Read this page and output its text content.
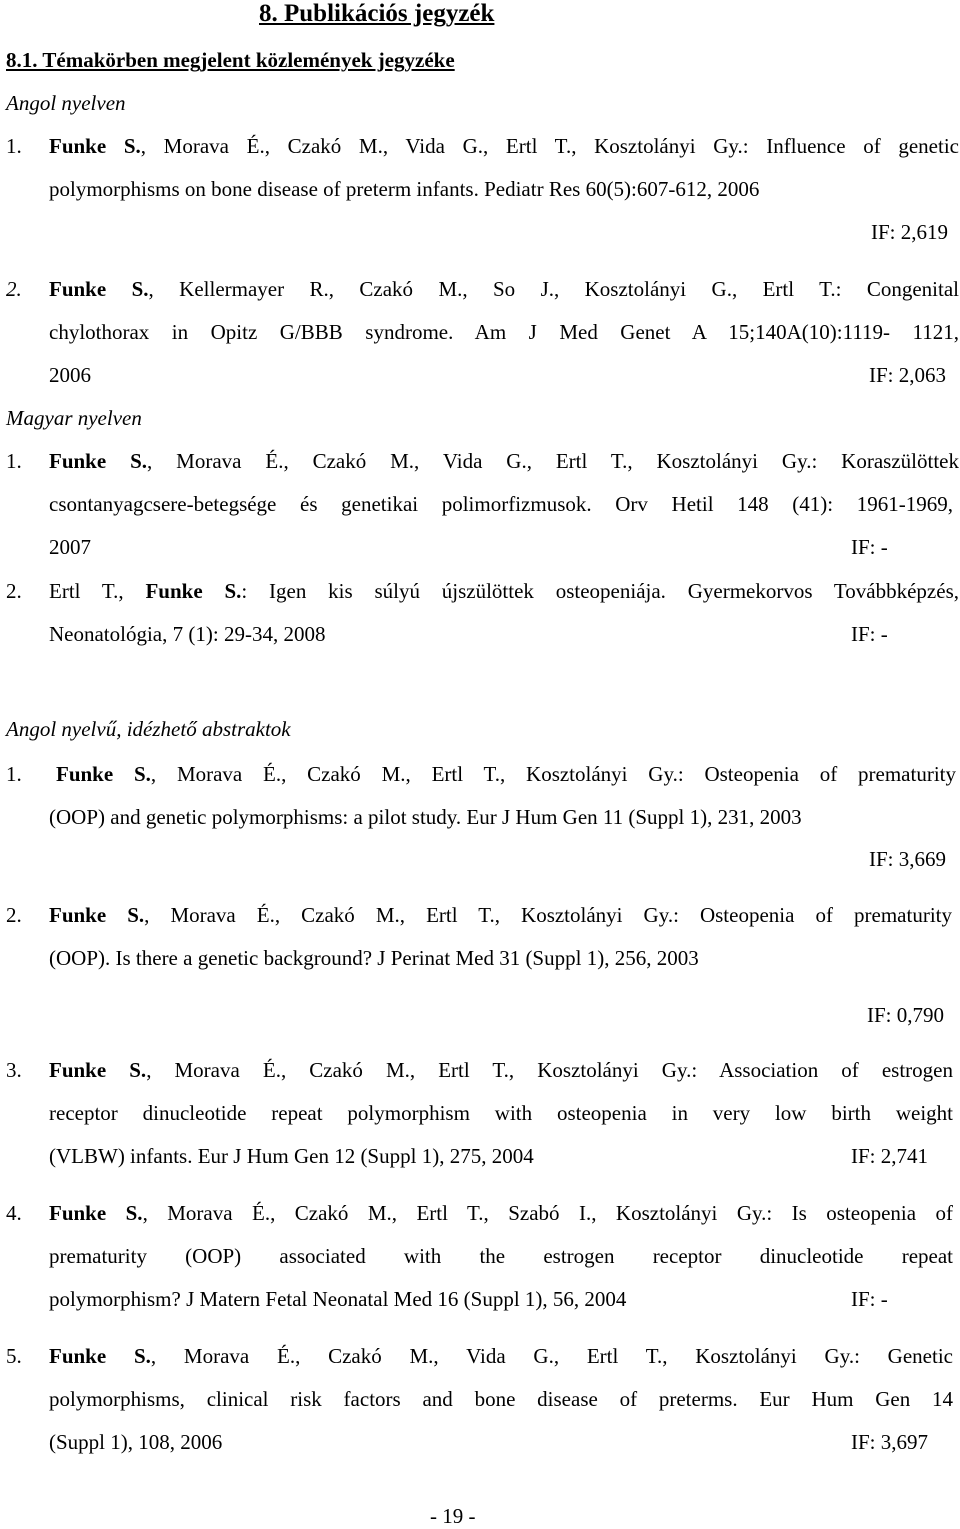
8. Publikációs jegyzék
8.1. Témakörben megjelent közlemények jegyzéke
Angol nyelven
1. Funke S., Morava É., Czakó M., Vida G., Ertl T., Kosztolányi Gy.: Influence of genetic
polymorphisms on bone disease of preterm infants. Pediatr Res 60(5):607-612, 2006
IF: 2,619
2. Funke S., Kellermayer R., Czakó M., So J., Kosztolányi G., Ertl T.: Congenital
chylothorax in Opitz G/BBB syndrome. Am J Med Genet A 15;140A(10):1119- 1121,
2006	IF: 2,063
Magyar nyelven
1. Funke S., Morava É., Czakó M., Vida G., Ertl T., Kosztolányi Gy.: Koraszülöttek
csontanyagcsere-betegsége és genetikai polimorfizmusok. Orv Hetil 148 (41): 1961-1969,
2007	IF: -
2. Ertl T., Funke S.: Igen kis súlyú újszülöttek osteopeniája. Gyermekorvos Továbbképzés,
Neonatológia, 7 (1): 29-34, 2008	IF: -
Angol nyelvű, idézhető abstraktok
1. Funke S., Morava É., Czakó M., Ertl T., Kosztolányi Gy.: Osteopenia of prematurity
(OOP) and genetic polymorphisms: a pilot study. Eur J Hum Gen 11 (Suppl 1), 231, 2003
IF: 3,669
2. Funke S., Morava É., Czakó M., Ertl T., Kosztolányi Gy.: Osteopenia of prematurity
(OOP). Is there a genetic background? J Perinat Med 31 (Suppl 1), 256, 2003
IF: 0,790
3. Funke S., Morava É., Czakó M., Ertl T., Kosztolányi Gy.: Association of estrogen
receptor dinucleotide repeat polymorphism with osteopenia in very low birth weight
(VLBW) infants. Eur J Hum Gen 12 (Suppl 1), 275, 2004	IF: 2,741
4. Funke S., Morava É., Czakó M., Ertl T., Szabó I., Kosztolányi Gy.: Is osteopenia of
prematurity (OOP) associated with the estrogen receptor dinucleotide repeat
polymorphism? J Matern Fetal Neonatal Med 16 (Suppl 1), 56, 2004	IF: -
5. Funke S., Morava É., Czakó M., Vida G., Ertl T., Kosztolányi Gy.: Genetic
polymorphisms, clinical risk factors and bone disease of preterms. Eur Hum Gen 14
(Suppl 1), 108, 2006	IF: 3,697
- 19 -
